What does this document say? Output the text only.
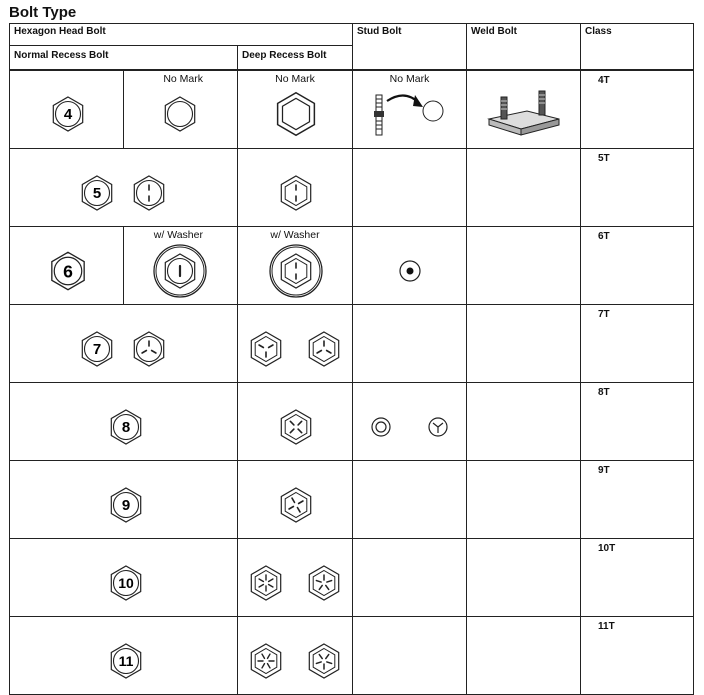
Bolt Type
Hexagon Head Bolt			Stud Bolt	Weld Bolt	Class
Normal Recess Bolt		Deep Recess Bolt			

4	No Mark	No Mark	No Mark		4T

5					5T

6	w/ Washer	w/ Washer			6T

7					7T

8					8T

9					9T

10					10T

11					11T
